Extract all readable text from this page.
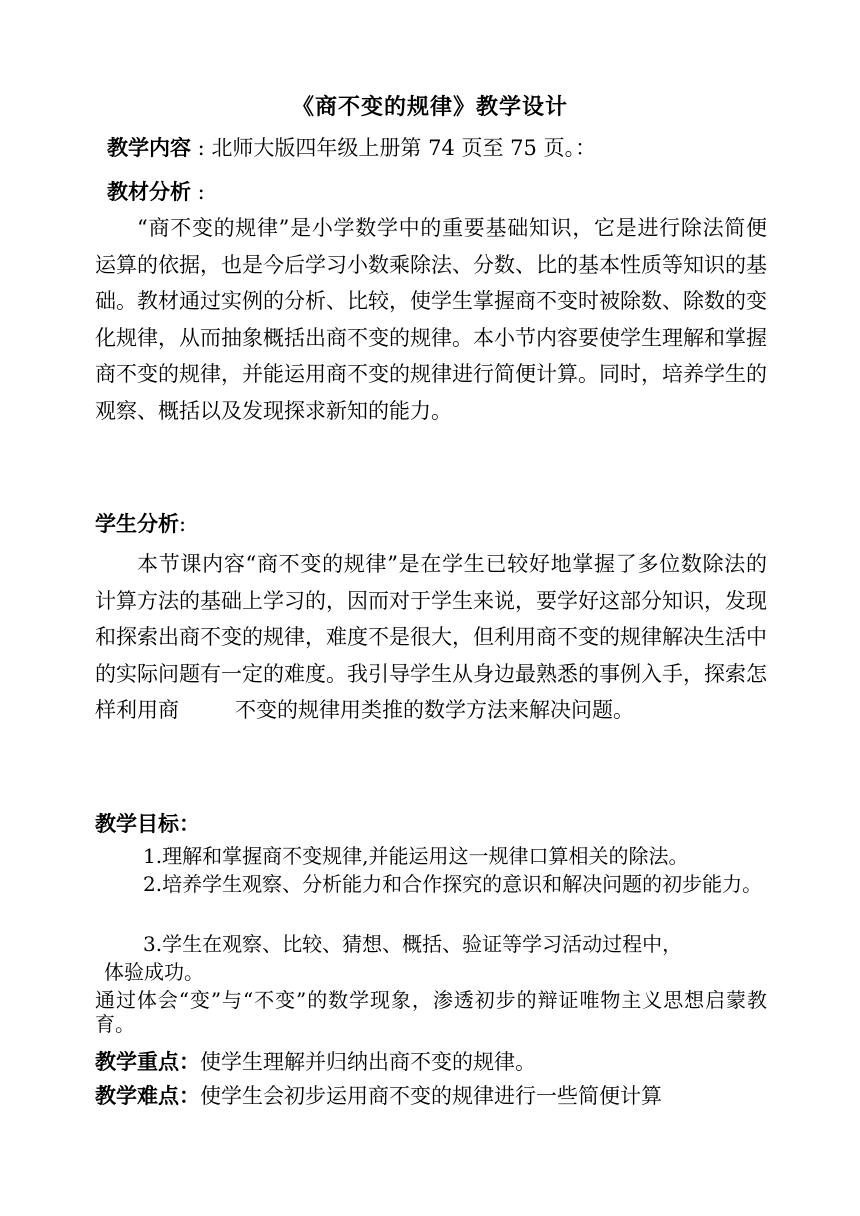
《商不变的规律》教学设计
教学内容 : 北师大版四年级上册第 74 页至 75 页。：
教材分析 :
“商不变的规律”是小学数学中的重要基础知识，它是进行除法简便运算的依据，也是今后学习小数乘除法、分数、比的基本性质等知识的基础。教材通过实例的分析、比较，使学生掌握商不变时被除数、除数的变化规律，从而抽象概括出商不变的规律。本小节内容要使学生理解和掌握商不变的规律，并能运用商不变的规律进行简便计算。同时，培养学生的观察、概括以及发现探求新知的能力。
学生分析:
本节课内容“商不变的规律”是在学生已较好地掌握了多位数除法的计算方法的基础上学习的，因而对于学生来说，要学好这部分知识，发现和探索出商不变的规律，难度不是很大，但利用商不变的规律解决生活中的实际问题有一定的难度。我引导学生从身边最熟悉的事例入手，探索怎样利用商	不变的规律用类推的数学方法来解决问题。
教学目标：
1.理解和掌握商不变规律,并能运用这一规律口算相关的除法。
2.培养学生观察、分析能力和合作探究的意识和解决问题的初步能力。
3.学生在观察、比较、猜想、概括、验证等学习活动过程中，
体验成功。
通过体会“变”与“不变”的数学现象，渗透初步的辩证唯物主义思想启蒙教育。
教学重点：使学生理解并归纳出商不变的规律。
教学难点：使学生会初步运用商不变的规律进行一些简便计算
